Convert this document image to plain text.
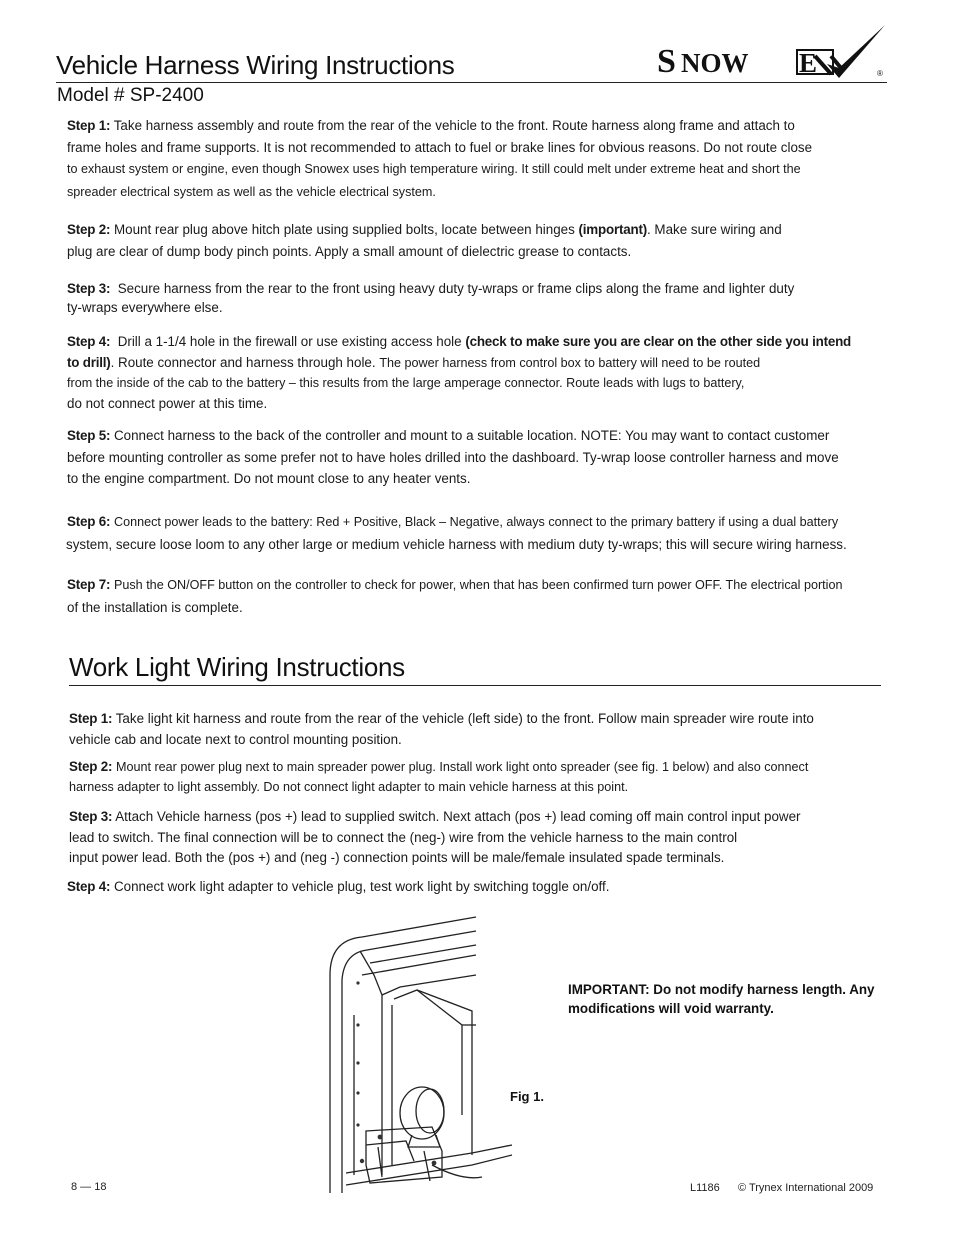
Vehicle Harness Wiring Instructions
Model # SP-2400
S NOW E	®
Step 1: Take harness assembly and route from the rear of the vehicle to the front. Route harness along frame and attach to
frame holes and frame supports. It is not recommended to attach to fuel or brake lines for obvious reasons. Do not route close
to exhaust system or engine, even though Snowex uses high temperature wiring. It still could melt under extreme heat and short the
spreader electrical system as well as the vehicle electrical system.
Step 2: Mount rear plug above hitch plate using supplied bolts, locate between hinges (important). Make sure wiring and
plug are clear of dump body pinch points. Apply a small amount of dielectric grease to contacts.
Step 3: Secure harness from the rear to the front using heavy duty ty-wraps or frame clips along the frame and lighter duty
ty-wraps everywhere else.
Step 4: Drill a 1-1/4 hole in the firewall or use existing access hole (check to make sure you are clear on the other side you intend
to drill). Route connector and harness through hole. The power harness from control box to battery will need to be routed
from the inside of the cab to the battery – this results from the large amperage connector. Route leads with lugs to battery,
do not connect power at this time.
Step 5: Connect harness to the back of the controller and mount to a suitable location. NOTE: You may want to contact customer
before mounting controller as some prefer not to have holes drilled into the dashboard. Ty-wrap loose controller harness and move
to the engine compartment. Do not mount close to any heater vents.
Step 6: Connect power leads to the battery: Red + Positive, Black – Negative, always connect to the primary battery if using a dual battery
system, secure loose loom to any other large or medium vehicle harness with medium duty ty-wraps; this will secure wiring harness.
Step 7: Push the ON/OFF button on the controller to check for power, when that has been confirmed turn power OFF. The electrical portion
of the installation is complete.
Work Light Wiring Instructions
Step 1: Take light kit harness and route from the rear of the vehicle (left side) to the front. Follow main spreader wire route into
vehicle cab and locate next to control mounting position.
Step 2: Mount rear power plug next to main spreader power plug. Install work light onto spreader (see fig. 1 below) and also connect
harness adapter to light assembly. Do not connect light adapter to main vehicle harness at this point.
Step 3: Attach Vehicle harness (pos +) lead to supplied switch. Next attach (pos +) lead coming off main control input power
lead to switch. The final connection will be to connect the (neg-) wire from the vehicle harness to the main control
input power lead. Both the (pos +) and (neg -) connection points will be male/female insulated spade terminals.
Step 4: Connect work light adapter to vehicle plug, test work light by switching toggle on/off.
IMPORTANT: Do not modify harness length. Any
modifications will void warranty.
Fig 1.
8 — 18	L1186 © Trynex International 2009
